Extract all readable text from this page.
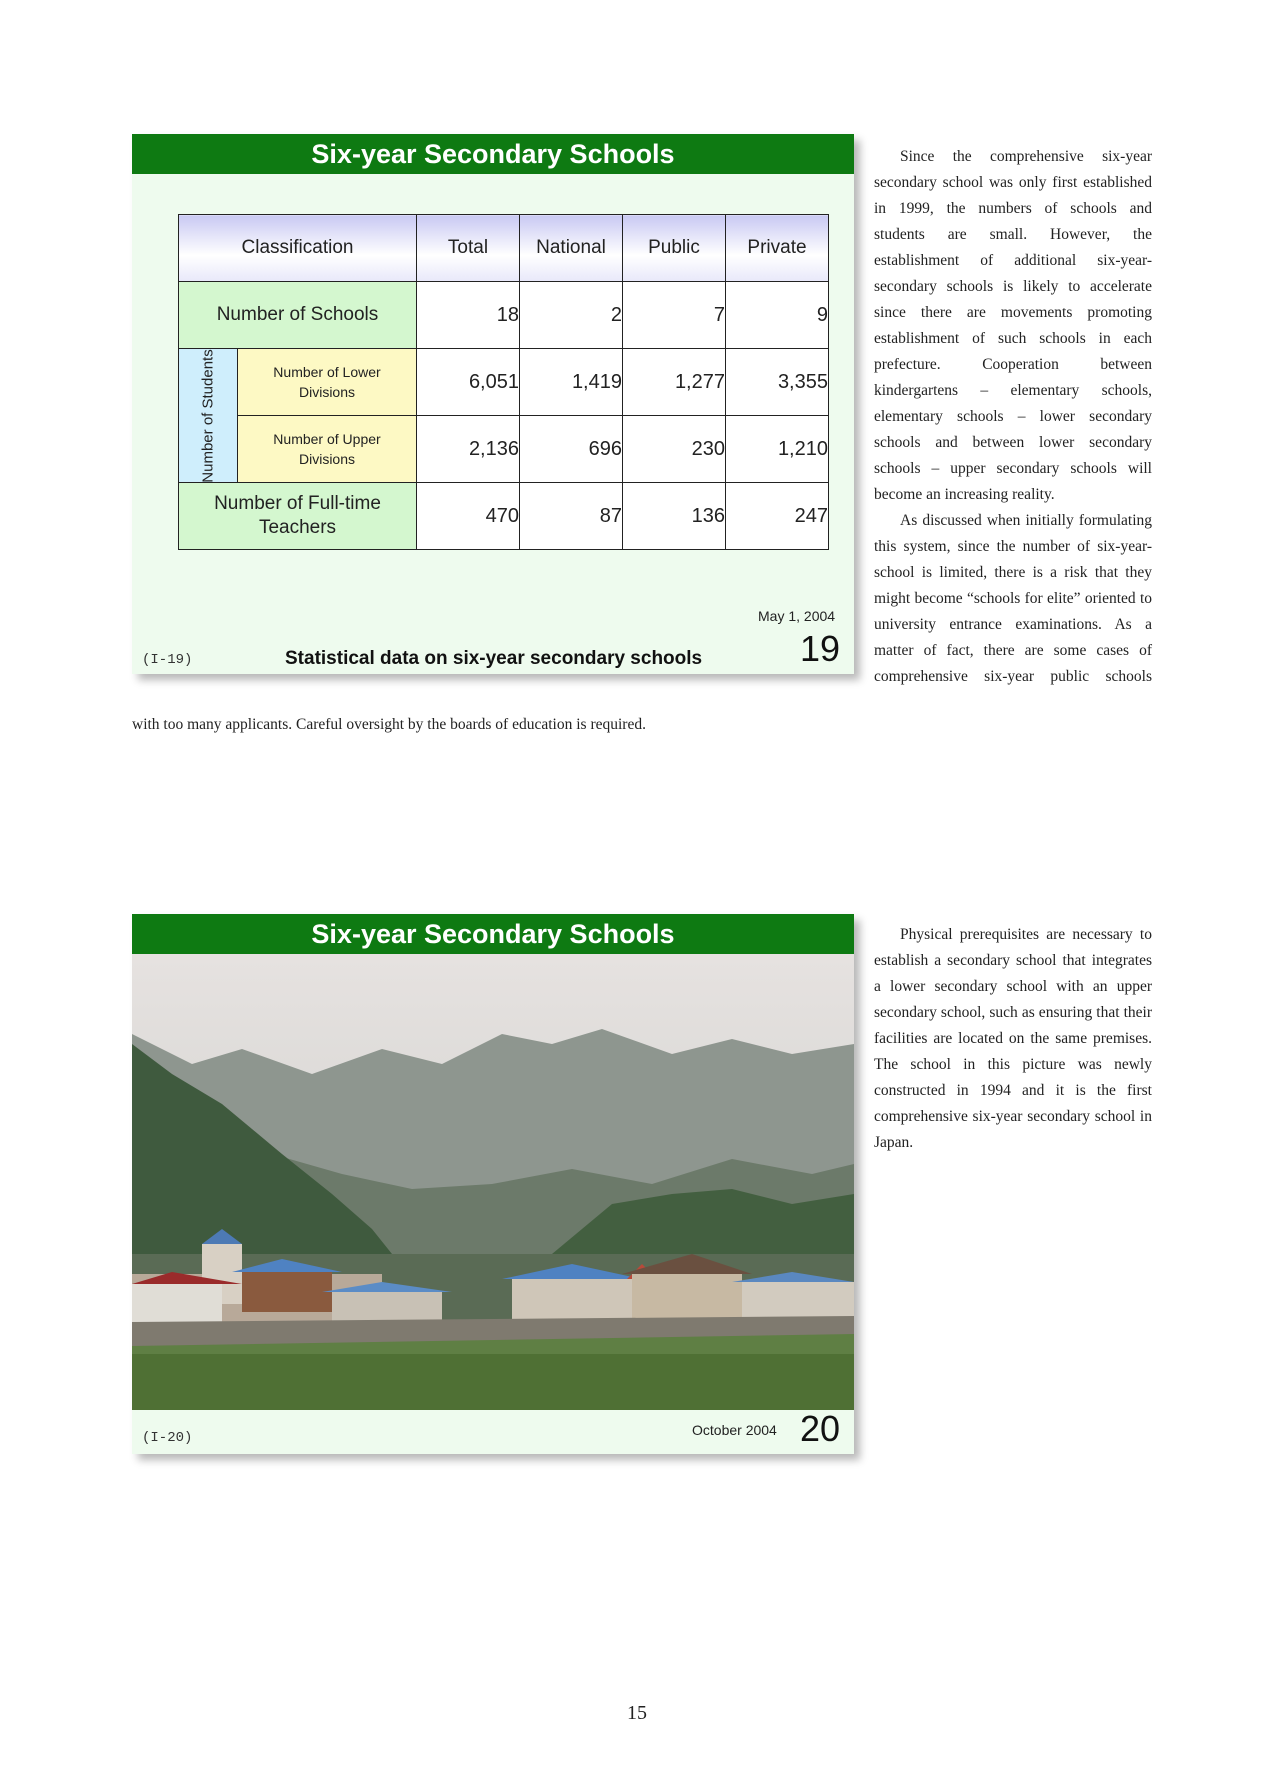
Six-year Secondary Schools
Classification		Total	National	Public	Private
Number of Schools		18	2	7	9

Number of Students	Number of Lower Divisions	6,051	1,419	1,277	3,355
	Number of Upper Divisions	2,136	696	230	1,210
Number of Full-time Teachers		470	87	136	247
May 1, 2004
19
(I-19)	Statistical data on six-year secondary schools

Since the comprehensive six-year secondary school was only first established in 1999, the numbers of schools and students are small. However, the establishment of additional six-year-secondary schools is likely to accelerate since there are movements promoting establishment of such schools in each prefecture. Cooperation between kindergartens – elementary schools, elementary schools – lower secondary schools and between lower secondary schools – upper secondary schools will become an increasing reality.

As discussed when initially formulating this system, since the number of six-year-school is limited, there is a risk that they might become “schools for elite” oriented to university entrance examinations. As a matter of fact, there are some cases of comprehensive six-year public schools

with too many applicants. Careful oversight by the boards of education is required.
Six-year Secondary Schools
(I-20)	October 2004 20

Physical prerequisites are necessary to establish a secondary school that integrates a lower secondary school with an upper secondary school, such as ensuring that their facilities are located on the same premises. The school in this picture was newly constructed in 1994 and it is the first comprehensive six-year secondary school in Japan.

15
